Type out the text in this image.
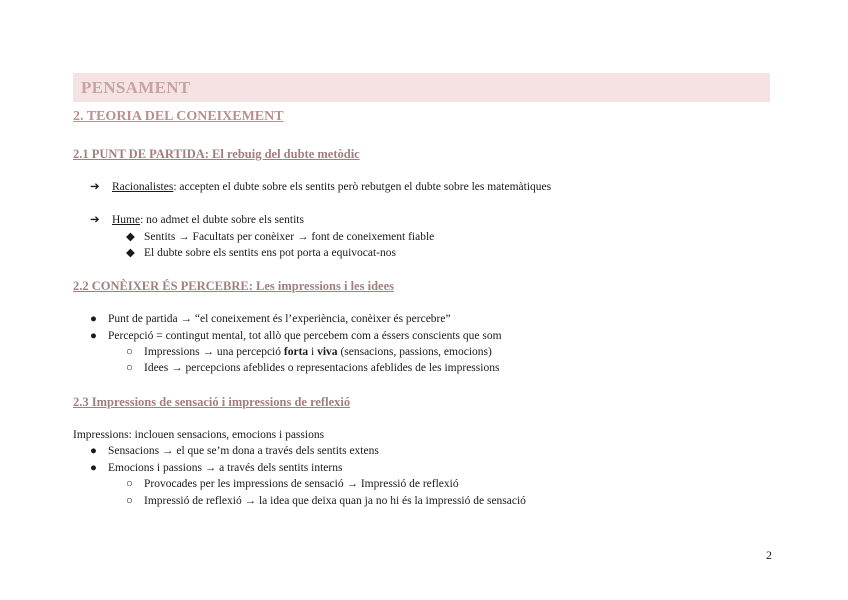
PENSAMENT
2. TEORIA DEL CONEIXEMENT
2.1 PUNT DE PARTIDA: El rebuig del dubte metòdic
➔ Racionalistes: accepten el dubte sobre els sentits però rebutgen el dubte sobre les matemàtiques
➔ Hume: no admet el dubte sobre els sentits
◆ Sentits → Facultats per conèixer → font de coneixement fiable
◆ El dubte sobre els sentits ens pot porta a equivocat-nos
2.2 CONÈIXER ÉS PERCEBRE: Les impressions i les idees
● Punt de partida → “el coneixement és l’experiència, conèixer és percebre”
● Percepció = contingut mental, tot allò que percebem com a éssers conscients que som
○ Impressions → una percepció forta i viva (sensacions, passions, emocions)
○ Idees → percepcions afeblides o representacions afeblides de les impressions
2.3 Impressions de sensació i impressions de reflexió
Impressions: inclouen sensacions, emocions i passions
● Sensacions → el que se’m dona a través dels sentits extens
● Emocions i passions → a través dels sentits interns
○ Provocades per les impressions de sensació → Impressió de reflexió
○ Impressió de reflexió → la idea que deixa quan ja no hi és la impressió de sensació
2
